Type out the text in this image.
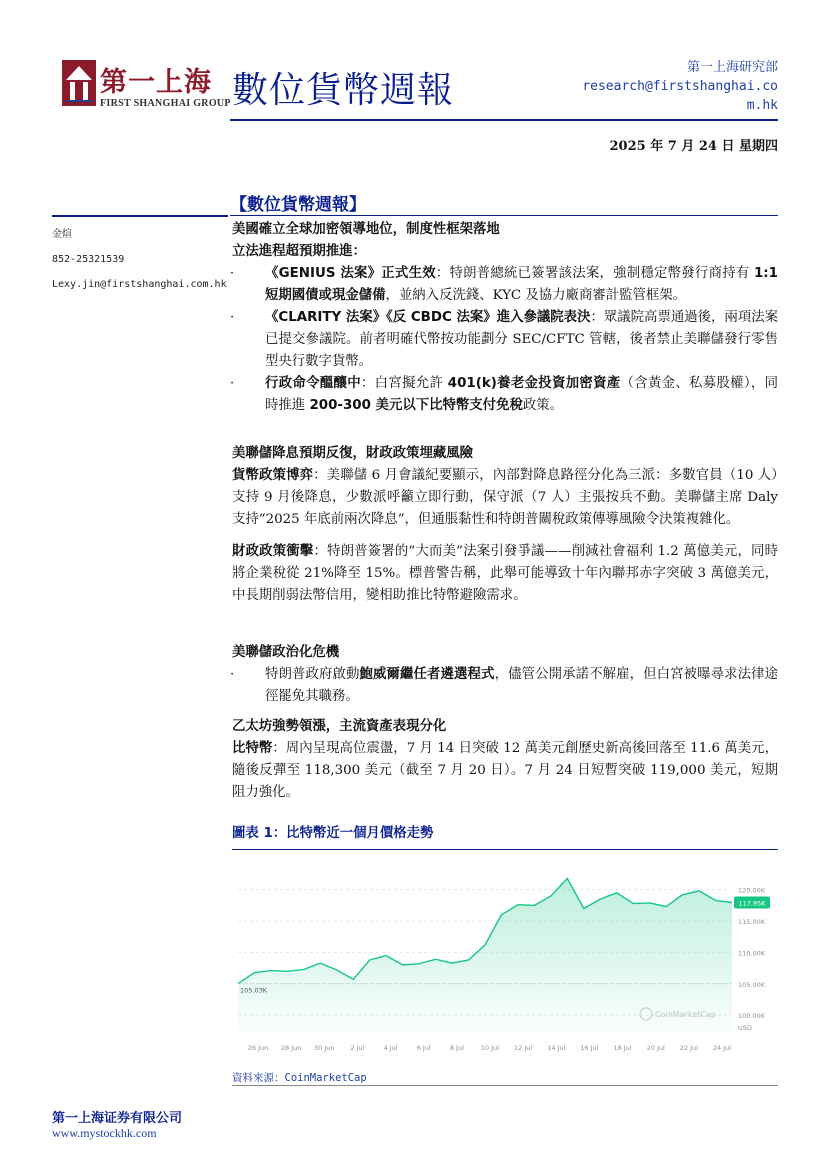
第一上海
FIRST SHANGHAI GROUP 數位貨幣週報
第一上海研究部
research@firstshanghai.co
m.hk
2025 年 7 月 24 日 星期四
【數位貨幣週報】
金煊
852-25321539
Lexy.jin@firstshanghai.com.hk
美國確立全球加密領導地位，制度性框架落地
立法進程超預期推進：
· 《GENIUS 法案》正式生效：特朗普總統已簽署該法案，強制穩定幣發行商持有 1:1 短期國債或現金儲備，並納入反洗錢、KYC 及協力廠商審計監管框架。
· 《CLARITY 法案》《反 CBDC 法案》進入參議院表決：眾議院高票通過後，兩項法案已提交參議院。前者明確代幣按功能劃分 SEC/CFTC 管轄，後者禁止美聯儲發行零售型央行數字貨幣。
· 行政命令醞釀中：白宮擬允許 401(k)養老金投資加密資產（含黃金、私募股權），同時推進 200-300 美元以下比特幣支付免稅政策。
美聯儲降息預期反復，財政政策埋藏風險

貨幣政策博弈：美聯儲 6 月會議紀要顯示，內部對降息路徑分化為三派：多數官員（10 人）支持 9 月後降息，少數派呼籲立即行動，保守派（7 人）主張按兵不動。美聯儲主席 Daly 支持“2025 年底前兩次降息”，但通脹黏性和特朗普關稅政策傳導風險令決策複雜化。

財政政策衝擊：特朗普簽署的“大而美”法案引發爭議——削減社會福利 1.2 萬億美元，同時將企業稅從 21%降至 15%。標普警告稱，此舉可能導致十年內聯邦赤字突破 3 萬億美元，中長期削弱法幣信用，變相助推比特幣避險需求。

美聯儲政治化危機
· 特朗普政府啟動鮑威爾繼任者遴選程式，儘管公開承諾不解雇，但白宮被曝尋求法律途徑罷免其職務。
乙太坊強勢領漲，主流資產表現分化

比特幣：周內呈現高位震盪，7 月 14 日突破 12 萬美元創歷史新高後回落至 11.6 萬美元，隨後反彈至 118,300 美元（截至 7 月 20 日）。7 月 24 日短暫突破 119,000 美元，短期阻力強化。

圖表 1：比特幣近一個月價格走勢
100.00K
105.00K
110.00K
115.00K
120.00K
USD
26 Jun 28 Jun 30 Jun 2 Jul	4 Jul	6 Jul	8 Jul	10 Jul 12 Jul 14 Jul 16 Jul 18 Jul 20 Jul 22 Jul 24 Jul
105.03K
117.95K
CoinMarketCap
資料來源：CoinMarketCap
第一上海证券有限公司
www.mystockhk.com
